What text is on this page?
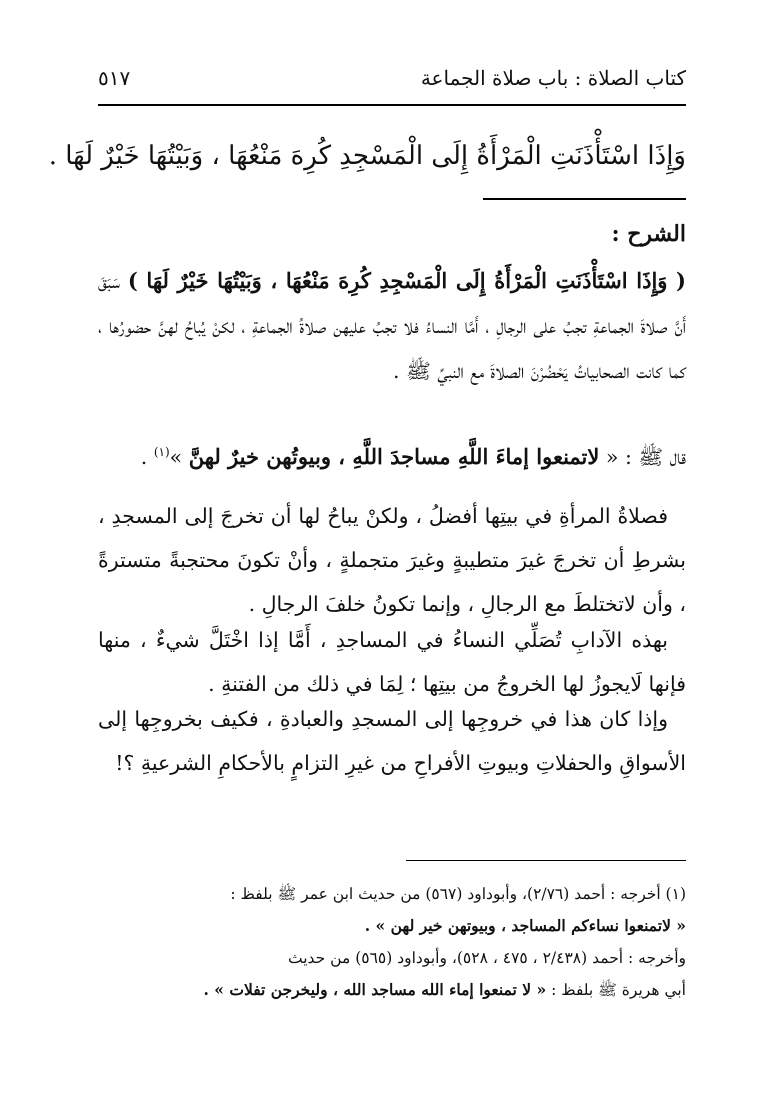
كتاب الصلاة : باب صلاة الجماعة
٥١٧
وَإِذَا اسْتَأْذَنَتِ الْمَرْأَةُ إِلَى الْمَسْجِدِ كُرِهَ مَنْعُهَا ، وَبَيْتُهَا خَيْرٌ لَهَا .
الشرح :
( وَإِذَا اسْتَأْذَنَتِ الْمَرْأَةُ إِلَى الْمَسْجِدِ كُرِهَ مَنْعُهَا ، وَبَيْتُهَا خَيْرٌ لَهَا ) سَبَقَ أَنَّ صلاةَ الجماعةِ تجبُ على الرجالِ ، أَمَّا النساءُ فلا تجبُ عليهن صلاةُ الجماعةِ ، لكنْ يُباحُ لهنَّ حضورُها ، كما كانت الصحابياتُ يَحْضُرْنَ الصلاةَ مع النبيِّ ﷺ .
قال ﷺ : « لاتمنعوا إماءَ اللَّهِ مساجدَ اللَّهِ ، وبيوتُهن خيرٌ لهنَّ »$^{(١)}$ .
فصلاةُ المرأةِ في بيتِها أفضلُ ، ولكنْ يباحُ لها أن تخرجَ إلى المسجدِ ، بشرطِ أن تخرجَ غيرَ متطيبةٍ وغيرَ متجملةٍ ، وأنْ تكونَ محتجبةً متسترةً ، وأن لاتختلطَ مع الرجالِ ، وإنما تكونُ خلفَ الرجالِ .
بهذه الآدابِ تُصَلِّي النساءُ في المساجدِ ، أَمَّا إذا اخْتَلَّ شيءٌ ، منها فإنها لَايجوزُ لها الخروجُ من بيتِها ؛ لِمَا في ذلك من الفتنةِ .
وإذا كان هذا في خروجِها إلى المسجدِ والعبادةِ ، فكيف بخروجِها إلى الأسواقِ والحفلاتِ وبيوتِ الأفراحِ من غيرِ التزامٍ بالأحكامِ الشرعيةِ ؟!
(١) أخرجه : أحمد (٢/٧٦)، وأبوداود (٥٦٧) من حديث ابن عمر ﷺ بلفظ :
« لاتمنعوا نساءكم المساجد ، وبيوتهن خير لهن » .
وأخرجه : أحمد (٢/٤٣٨ ، ٤٧٥ ، ٥٢٨)، وأبوداود (٥٦٥) من حديث
أبي هريرة ﷺ بلفظ : « لا تمنعوا إماء الله مساجد الله ، وليخرجن تفلات » .
